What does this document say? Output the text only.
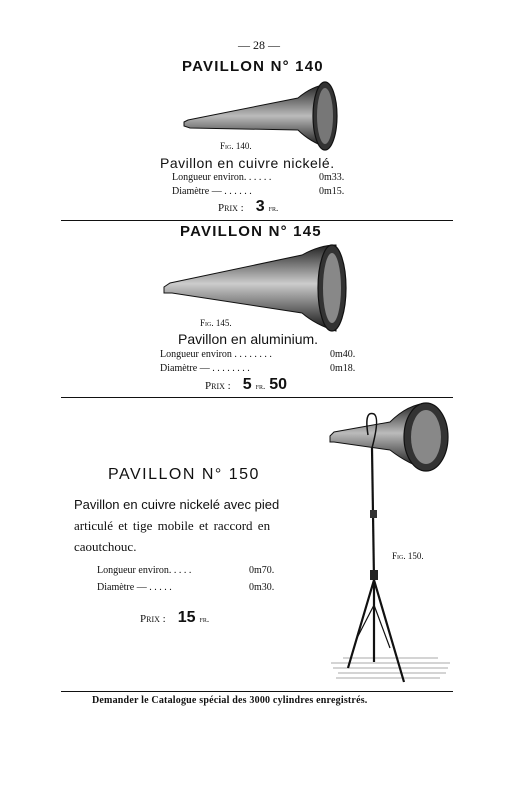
— 28 —
PAVILLON N° 140
Fig. 140.
Pavillon en cuivre nickelé.
Longueur environ. . . . . .	0m33.
Diamètre — . . . . . .	0m15.
Prix : 3 fr.
PAVILLON N° 145
Fig. 145.
Pavillon en aluminium.
Longueur environ . . . . . . . .	0m40.
Diamètre — . . . . . . . .	0m18.
Prix : 5 fr. 50
PAVILLON N° 150
Pavillon en cuivre nickelé avec pied
articulé et tige mobile et raccord en
caoutchouc.
Longueur environ. . . . .	0m70.
Diamètre — . . . . .	0m30.
Prix : 15 fr.
Fig. 150.
Demander le Catalogue spécial des 3000 cylindres enregistrés.
